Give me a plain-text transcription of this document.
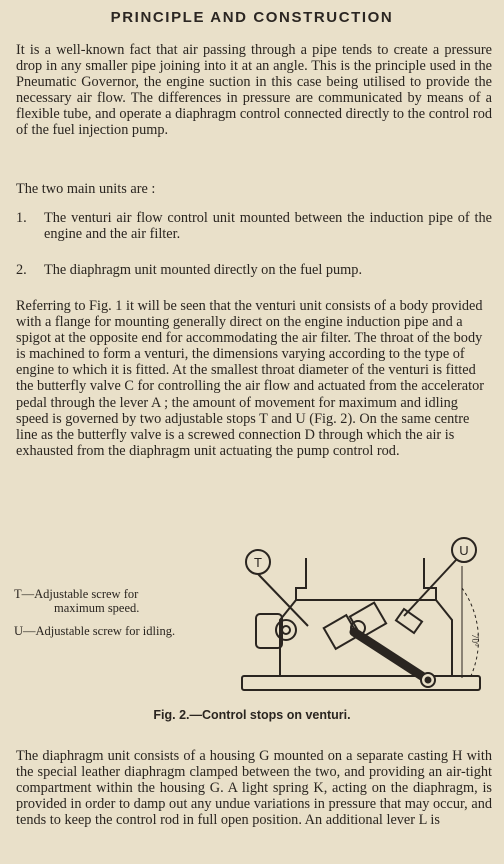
PRINCIPLE AND CONSTRUCTION

It is a well-known fact that air passing through a pipe tends to create a pressure drop in any smaller pipe joining into it at an angle. This is the principle used in the Pneumatic Governor, the engine suction in this case being utilised to provide the necessary air flow. The differences in pressure are communicated by means of a flexible tube, and operate a diaphragm control connected directly to the control rod of the fuel injection pump.

The two main units are :

1. The venturi air flow control unit mounted between the induction pipe of the engine and the air filter.
2. The diaphragm unit mounted directly on the fuel pump.

Referring to Fig. 1 it will be seen that the venturi unit consists of a body provided with a flange for mounting generally direct on the engine induction pipe and a spigot at the opposite end for accommodating the air filter. The throat of the body is machined to form a venturi, the dimensions varying according to the type of engine to which it is fitted. At the smallest throat diameter of the venturi is fitted the butterfly valve C for controlling the air flow and actuated from the accelerator pedal through the lever A ; the amount of movement for maximum and idling speed is governed by two adjustable stops T and U (Fig. 2). On the same centre line as the butterfly valve is a screwed connection D through which the air is exhausted from the diaphragm unit actuating the pump control rod.

T—Adjustable screw for
maximum speed.
U—Adjustable screw for idling.
T
U
70°
Fig. 2.—Control stops on venturi.

The diaphragm unit consists of a housing G mounted on a separate casting H with the special leather diaphragm clamped between the two, and providing an air-tight compartment within the housing G. A light spring K, acting on the diaphragm, is provided in order to damp out any undue variations in pressure that may occur, and tends to keep the control rod in full open position. An additional lever L is
